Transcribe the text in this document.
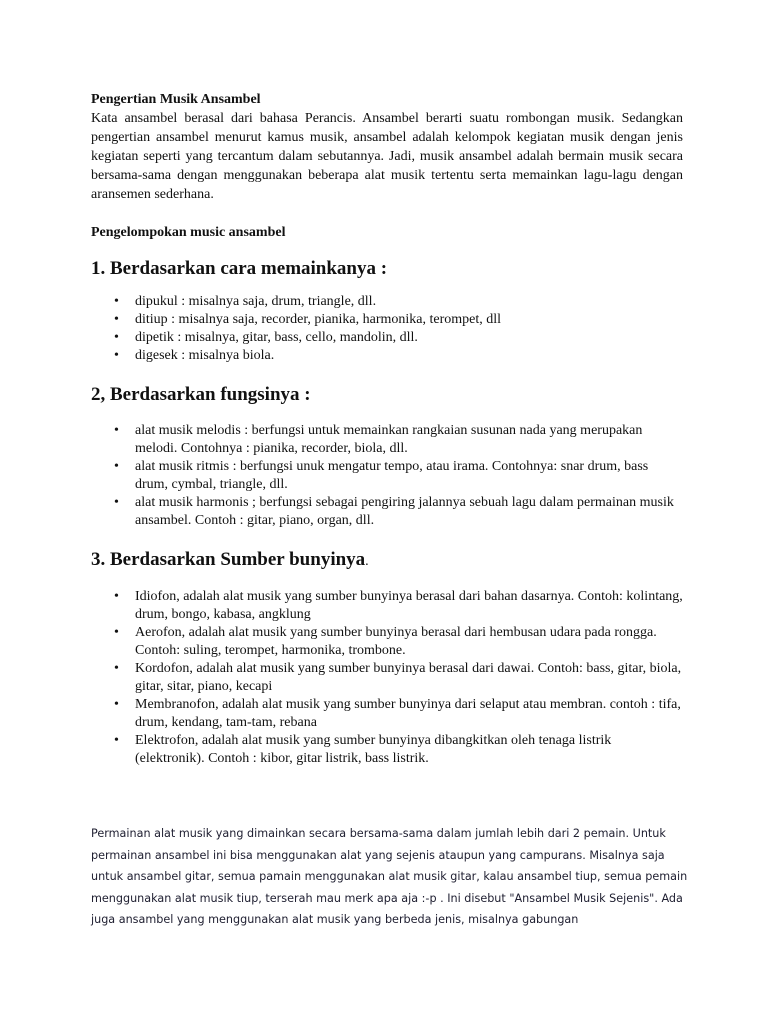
Pengertian Musik Ansambel

Kata ansambel berasal dari bahasa Perancis. Ansambel berarti suatu rombongan musik. Sedangkan pengertian ansambel menurut kamus musik, ansambel adalah kelompok kegiatan musik dengan jenis kegiatan seperti yang tercantum dalam sebutannya. Jadi, musik ansambel adalah bermain musik secara bersama-sama dengan menggunakan beberapa alat musik tertentu serta memainkan lagu-lagu dengan aransemen sederhana.

Pengelompokan music ansambel

1. Berdasarkan cara memainkanya :
• dipukul : misalnya saja, drum, triangle, dll.
• ditiup : misalnya saja, recorder, pianika, harmonika, terompet, dll
• dipetik : misalnya, gitar, bass, cello, mandolin, dll.
• digesek : misalnya biola.
2, Berdasarkan fungsinya :
• alat musik melodis : berfungsi untuk memainkan rangkaian susunan nada yang merupakan melodi. Contohnya : pianika, recorder, biola, dll.
• alat musik ritmis : berfungsi unuk mengatur tempo, atau irama. Contohnya: snar drum, bass drum, cymbal, triangle, dll.
• alat musik harmonis ; berfungsi sebagai pengiring jalannya sebuah lagu dalam permainan musik ansambel. Contoh : gitar, piano, organ, dll.
3. Berdasarkan Sumber bunyinya.
• Idiofon, adalah alat musik yang sumber bunyinya berasal dari bahan dasarnya. Contoh: kolintang, drum, bongo, kabasa, angklung
• Aerofon, adalah alat musik yang sumber bunyinya berasal dari hembusan udara pada rongga. Contoh: suling, terompet, harmonika, trombone.
• Kordofon, adalah alat musik yang sumber bunyinya berasal dari dawai. Contoh: bass, gitar, biola, gitar, sitar, piano, kecapi
• Membranofon, adalah alat musik yang sumber bunyinya dari selaput atau membran. contoh : tifa, drum, kendang, tam-tam, rebana
• Elektrofon, adalah alat musik yang sumber bunyinya dibangkitkan oleh tenaga listrik (elektronik). Contoh : kibor, gitar listrik, bass listrik.

Permainan alat musik yang dimainkan secara bersama-sama dalam jumlah lebih dari 2 pemain. Untuk permainan ansambel ini bisa menggunakan alat yang sejenis ataupun yang campurans. Misalnya saja untuk ansambel gitar, semua pamain menggunakan alat musik gitar, kalau ansambel tiup, semua pemain menggunakan alat musik tiup, terserah mau merk apa aja :-p . Ini disebut "Ansambel Musik Sejenis". Ada juga ansambel yang menggunakan alat musik yang berbeda jenis, misalnya gabungan
